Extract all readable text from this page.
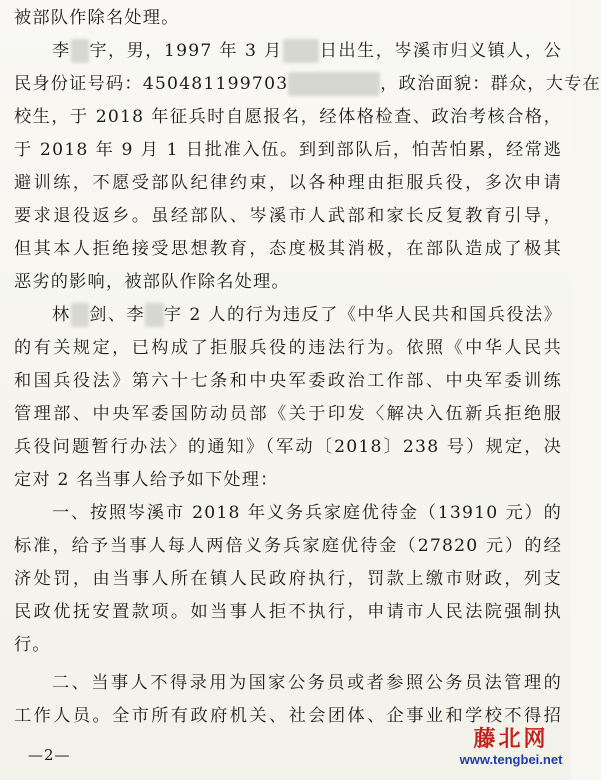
被部队作除名处理。
李 宇，男，1997 年 3 月 日出生，岑溪市归义镇人，公
民身份证号码：450481199703	，政治面貌：群众，大专在
校生，于 2018 年征兵时自愿报名，经体格检查、政治考核合格，
于 2018 年 9 月 1 日批准入伍。到到部队后，怕苦怕累，经常逃
避训练，不愿受部队纪律约束，以各种理由拒服兵役，多次申请
要求退役返乡。虽经部队、岑溪市人武部和家长反复教育引导，
但其本人拒绝接受思想教育，态度极其消极，在部队造成了极其
恶劣的影响，被部队作除名处理。
林 剑、李 宇 2 人的行为违反了《中华人民共和国兵役法》
的有关规定，已构成了拒服兵役的违法行为。依照《中华人民共
和国兵役法》第六十七条和中央军委政治工作部、中央军委训练
管理部、中央军委国防动员部《关于印发〈解决入伍新兵拒绝服
兵役问题暂行办法〉的通知》（军动〔2018〕238 号）规定，决
定对 2 名当事人给予如下处理：
一、按照岑溪市 2018 年义务兵家庭优待金（13910 元）的
标准，给予当事人每人两倍义务兵家庭优待金（27820 元）的经
济处罚，由当事人所在镇人民政府执行，罚款上缴市财政，列支
民政优抚安置款项。如当事人拒不执行，申请市人民法院强制执
行。
二、当事人不得录用为国家公务员或者参照公务员法管理的
工作人员。全市所有政府机关、社会团体、企事业和学校不得招
—2—
藤北网
www.tengbei.net
